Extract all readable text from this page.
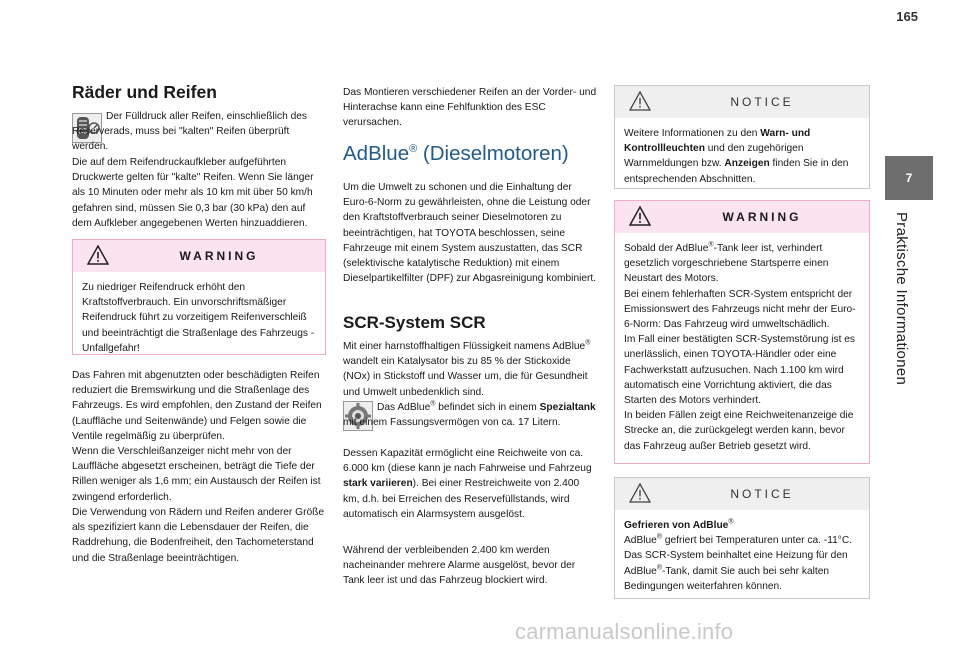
165
7
Praktische Informationen
Räder und Reifen

Der Fülldruck aller Reifen, einschließlich des Reserverads, muss bei "kalten" Reifen überprüft werden.

Die auf dem Reifendruckaufkleber aufgeführten Druckwerte gelten für "kalte" Reifen. Wenn Sie länger als 10 Minuten oder mehr als 10 km mit über 50 km/h gefahren sind, müssen Sie 0,3 bar (30 kPa) den auf dem Aufkleber angegebenen Werten hinzuaddieren.

WARNING

Zu niedriger Reifendruck erhöht den Kraftstoffverbrauch. Ein unvorschriftsmäßiger Reifendruck führt zu vorzeitigem Reifenverschleiß und beeinträchtigt die Straßenlage des Fahrzeugs - Unfallgefahr!

Das Fahren mit abgenutzten oder beschädigten Reifen reduziert die Bremswirkung und die Straßenlage des Fahrzeugs. Es wird empfohlen, den Zustand der Reifen (Lauffläche und Seitenwände) und Felgen sowie die Ventile regelmäßig zu überprüfen.

Wenn die Verschleißanzeiger nicht mehr von der Lauffläche abgesetzt erscheinen, beträgt die Tiefe der Rillen weniger als 1,6 mm; ein Austausch der Reifen ist zwingend erforderlich.

Die Verwendung von Rädern und Reifen anderer Größe als spezifiziert kann die Lebensdauer der Reifen, die Raddrehung, die Bodenfreiheit, den Tachometerstand und die Straßenlage beeinträchtigen.

Das Montieren verschiedener Reifen an der Vorder- und Hinterachse kann eine Fehlfunktion des ESC verursachen.

AdBlue® (Dieselmotoren)

Um die Umwelt zu schonen und die Einhaltung der Euro-6-Norm zu gewährleisten, ohne die Leistung oder den Kraftstoffverbrauch seiner Dieselmotoren zu beeinträchtigen, hat TOYOTA beschlossen, seine Fahrzeuge mit einem System auszustatten, das SCR (selektivische katalytische Reduktion) mit einem Dieselpartikelfilter (DPF) zur Abgasreinigung kombiniert.

SCR-System SCR

Mit einer harnstoffhaltigen Flüssigkeit namens AdBlue® wandelt ein Katalysator bis zu 85 % der Stickoxide (NOx) in Stickstoff und Wasser um, die für Gesundheit und Umwelt unbedenklich sind.

Das AdBlue® befindet sich in einem Spezialtank mit einem Fassungsvermögen von ca. 17 Litern.

Dessen Kapazität ermöglicht eine Reichweite von ca. 6.000 km (diese kann je nach Fahrweise und Fahrzeug stark variieren). Bei einer Restreichweite von 2.400 km, d.h. bei Erreichen des Reservefüllstands, wird automatisch ein Alarmsystem ausgelöst.

Während der verbleibenden 2.400 km werden nacheinander mehrere Alarme ausgelöst, bevor der Tank leer ist und das Fahrzeug blockiert wird.

NOTICE

Weitere Informationen zu den Warn- und Kontrollleuchten und den zugehörigen Warnmeldungen bzw. Anzeigen finden Sie in den entsprechenden Abschnitten.

WARNING

Sobald der AdBlue®-Tank leer ist, verhindert gesetzlich vorgeschriebene Startsperre einen Neustart des Motors.

Bei einem fehlerhaften SCR-System entspricht der Emissionswert des Fahrzeugs nicht mehr der Euro-6-Norm: Das Fahrzeug wird umweltschädlich.

Im Fall einer bestätigten SCR-Systemstörung ist es unerlässlich, einen TOYOTA-Händler oder eine Fachwerkstatt aufzusuchen. Nach 1.100 km wird automatisch eine Vorrichtung aktiviert, die das Starten des Motors verhindert.

In beiden Fällen zeigt eine Reichweitenanzeige die Strecke an, die zurückgelegt werden kann, bevor das Fahrzeug außer Betrieb gesetzt wird.

NOTICE

Gefrieren von AdBlue®

AdBlue® gefriert bei Temperaturen unter ca. -11°C.

Das SCR-System beinhaltet eine Heizung für den AdBlue®-Tank, damit Sie auch bei sehr kalten Bedingungen weiterfahren können.

carmanualsonline.info
